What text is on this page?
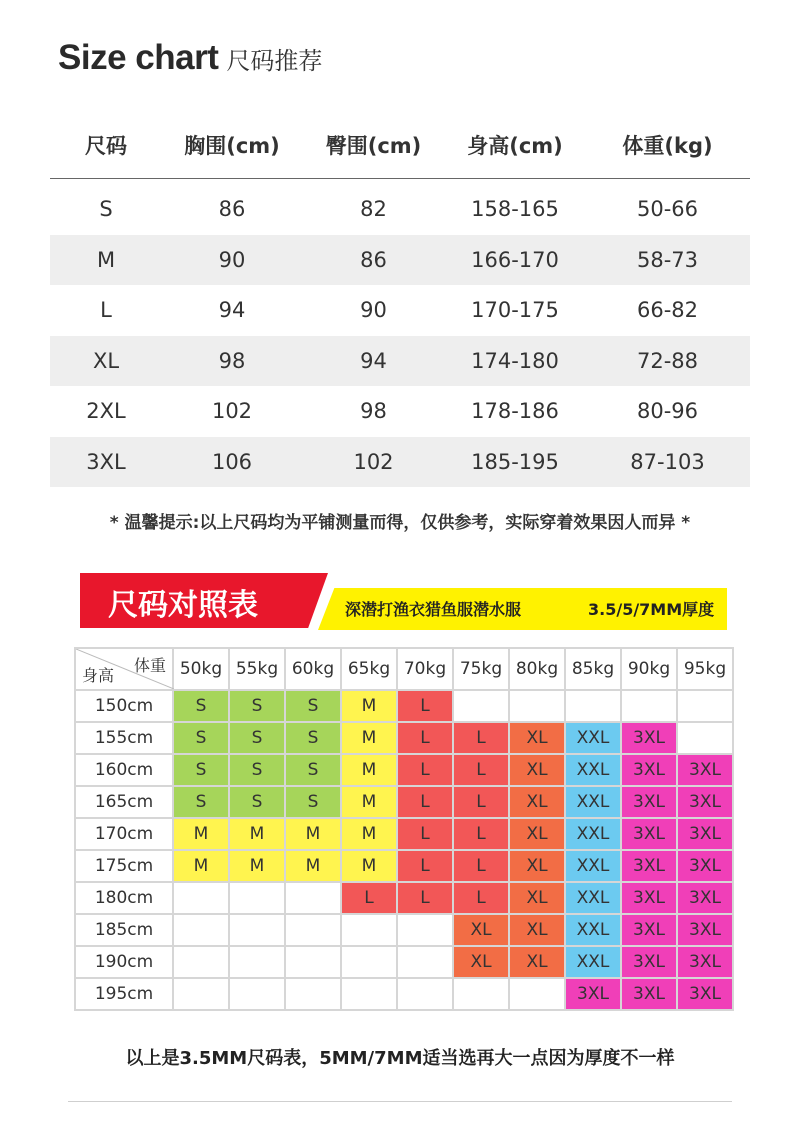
Size chart 尺码推荐
尺码	胸围(cm)	臀围(cm)	身高(cm)	体重(kg)

S	86	82	158-165	50-66
M	90	86	166-170	58-73
L	94	90	170-175	66-82
XL	98	94	174-180	72-88
2XL	102	98	178-186	80-96
3XL	106	102	185-195	87-103
* 温馨提示:以上尺码均为平铺测量而得，仅供参考，实际穿着效果因人而异 *
尺码对照表	深潜打渔衣猎鱼服潜水服	3.5/5/7MM厚度
体重
身高	50kg	55kg	60kg	65kg	70kg	75kg	80kg	85kg	90kg	95kg
150cm	S	S	S	M	L					
155cm	S	S	S	M	L	L	XL	XXL	3XL	
160cm	S	S	S	M	L	L	XL	XXL	3XL	3XL
165cm	S	S	S	M	L	L	XL	XXL	3XL	3XL
170cm	M	M	M	M	L	L	XL	XXL	3XL	3XL
175cm	M	M	M	M	L	L	XL	XXL	3XL	3XL
180cm				L	L	L	XL	XXL	3XL	3XL
185cm						XL	XL	XXL	3XL	3XL
190cm						XL	XL	XXL	3XL	3XL
195cm								3XL	3XL	3XL
以上是3.5MM尺码表，5MM/7MM适当选再大一点因为厚度不一样
